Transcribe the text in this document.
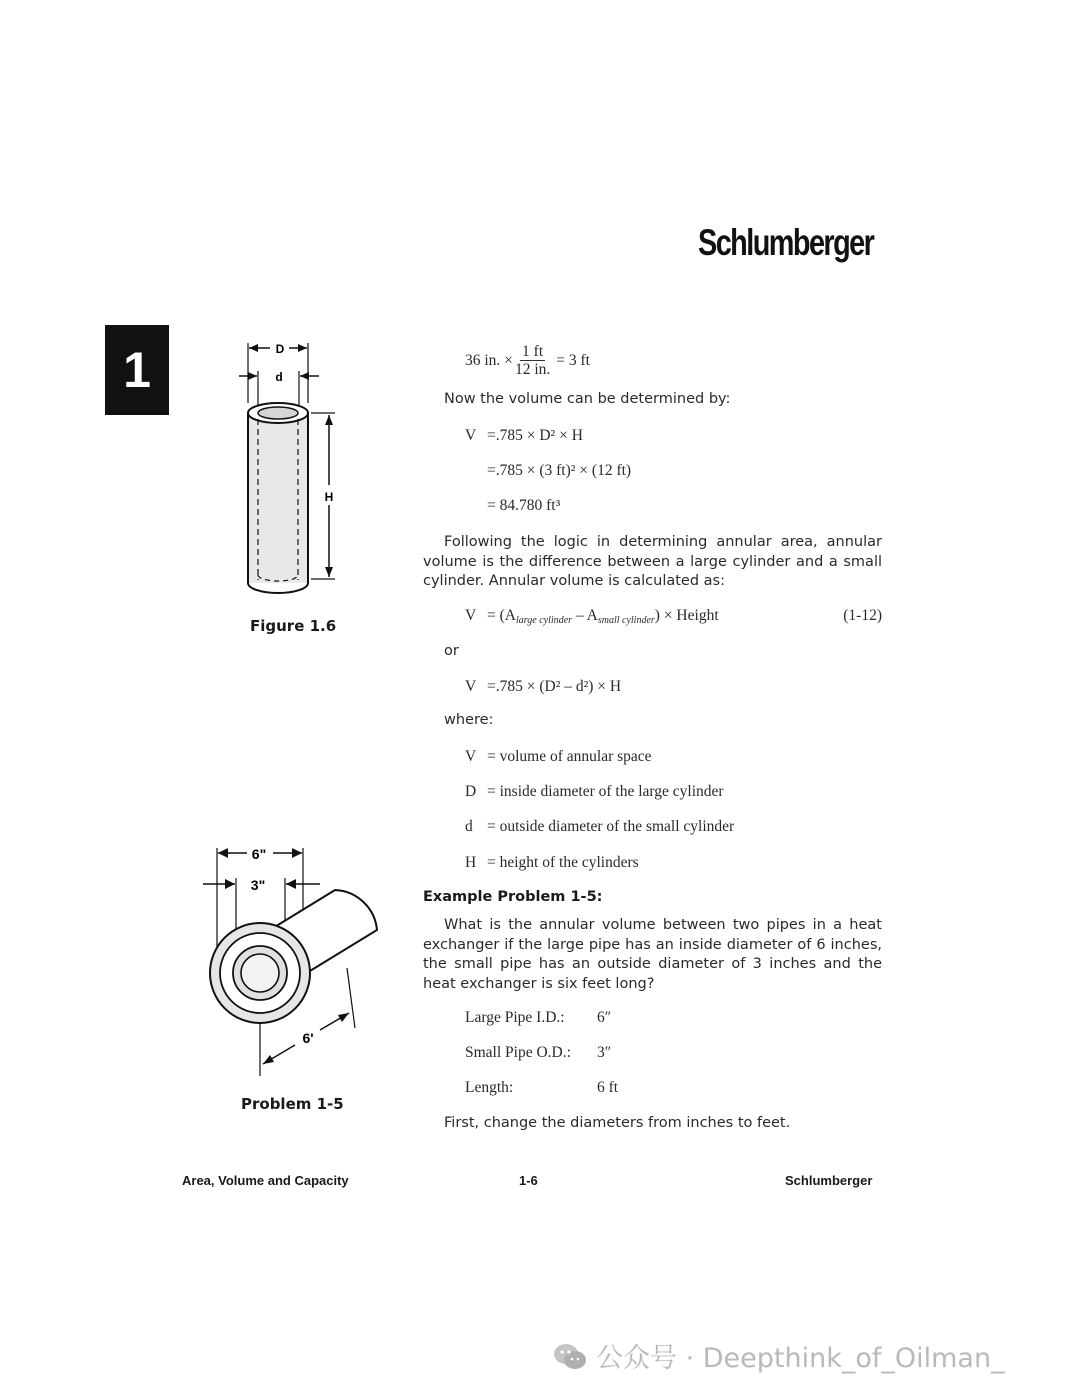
Schlumberger
1	D
d
H
Figure 1.6
6"
3"
6'
Problem 1-5
36 in. × $\frac{1 ft}{12 in.} = 3$ ft
Now the volume can be determined by:
V =.785 × D² × H
=.785 × (3 ft)² × (12 ft)
= 84.780 ft³
Following the logic in determining annular area, annular volume is the difference between a large cylinder and a small cylinder. Annular volume is calculated as:
$V = (A_{large cylinder} - A_{small cylinder})$ × Height	(1-12)
or
V =.785 × (D² – d²) × H
where:
V = volume of annular space
D = inside diameter of the large cylinder
d = outside diameter of the small cylinder
H = height of the cylinders
Example Problem 1-5:
What is the annular volume between two pipes in a heat exchanger if the large pipe has an inside diameter of 6 inches, the small pipe has an outside diameter of 3 inches and the heat exchanger is six feet long?
Large Pipe I.D.: 6″
Small Pipe O.D.: 3″
Length:	6 ft
First, change the diameters from inches to feet.
Area, Volume and Capacity	1-6	Schlumberger
公众号 · Deepthink_of_Oilman_
